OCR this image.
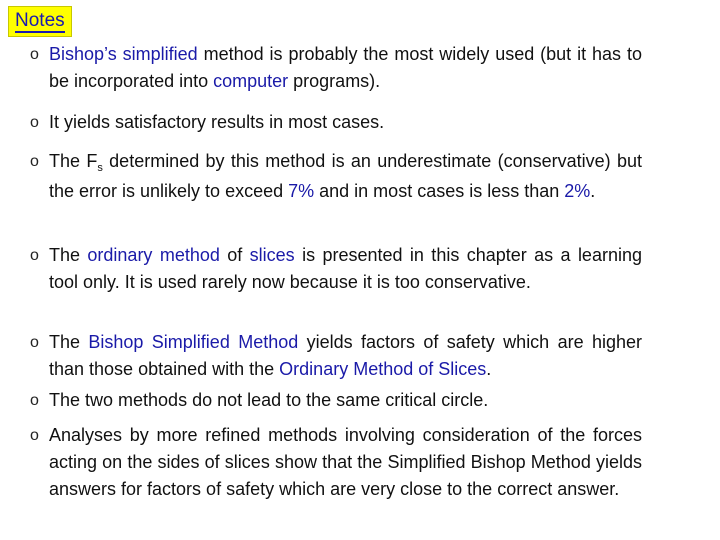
Notes
o Bishop’s simplified method is probably the most widely used (but it has to be incorporated into computer programs).
o It yields satisfactory results in most cases.
o The $F_s$ determined by this method is an underestimate (conservative) but the error is unlikely to exceed 7% and in most cases is less than 2%.
o The ordinary method of slices is presented in this chapter as a learning tool only. It is used rarely now because it is too conservative.
o The Bishop Simplified Method yields factors of safety which are higher than those obtained with the Ordinary Method of Slices.
o The two methods do not lead to the same critical circle.
o Analyses by more refined methods involving consideration of the forces acting on the sides of slices show that the Simplified Bishop Method yields answers for factors of safety which are very close to the correct answer.
